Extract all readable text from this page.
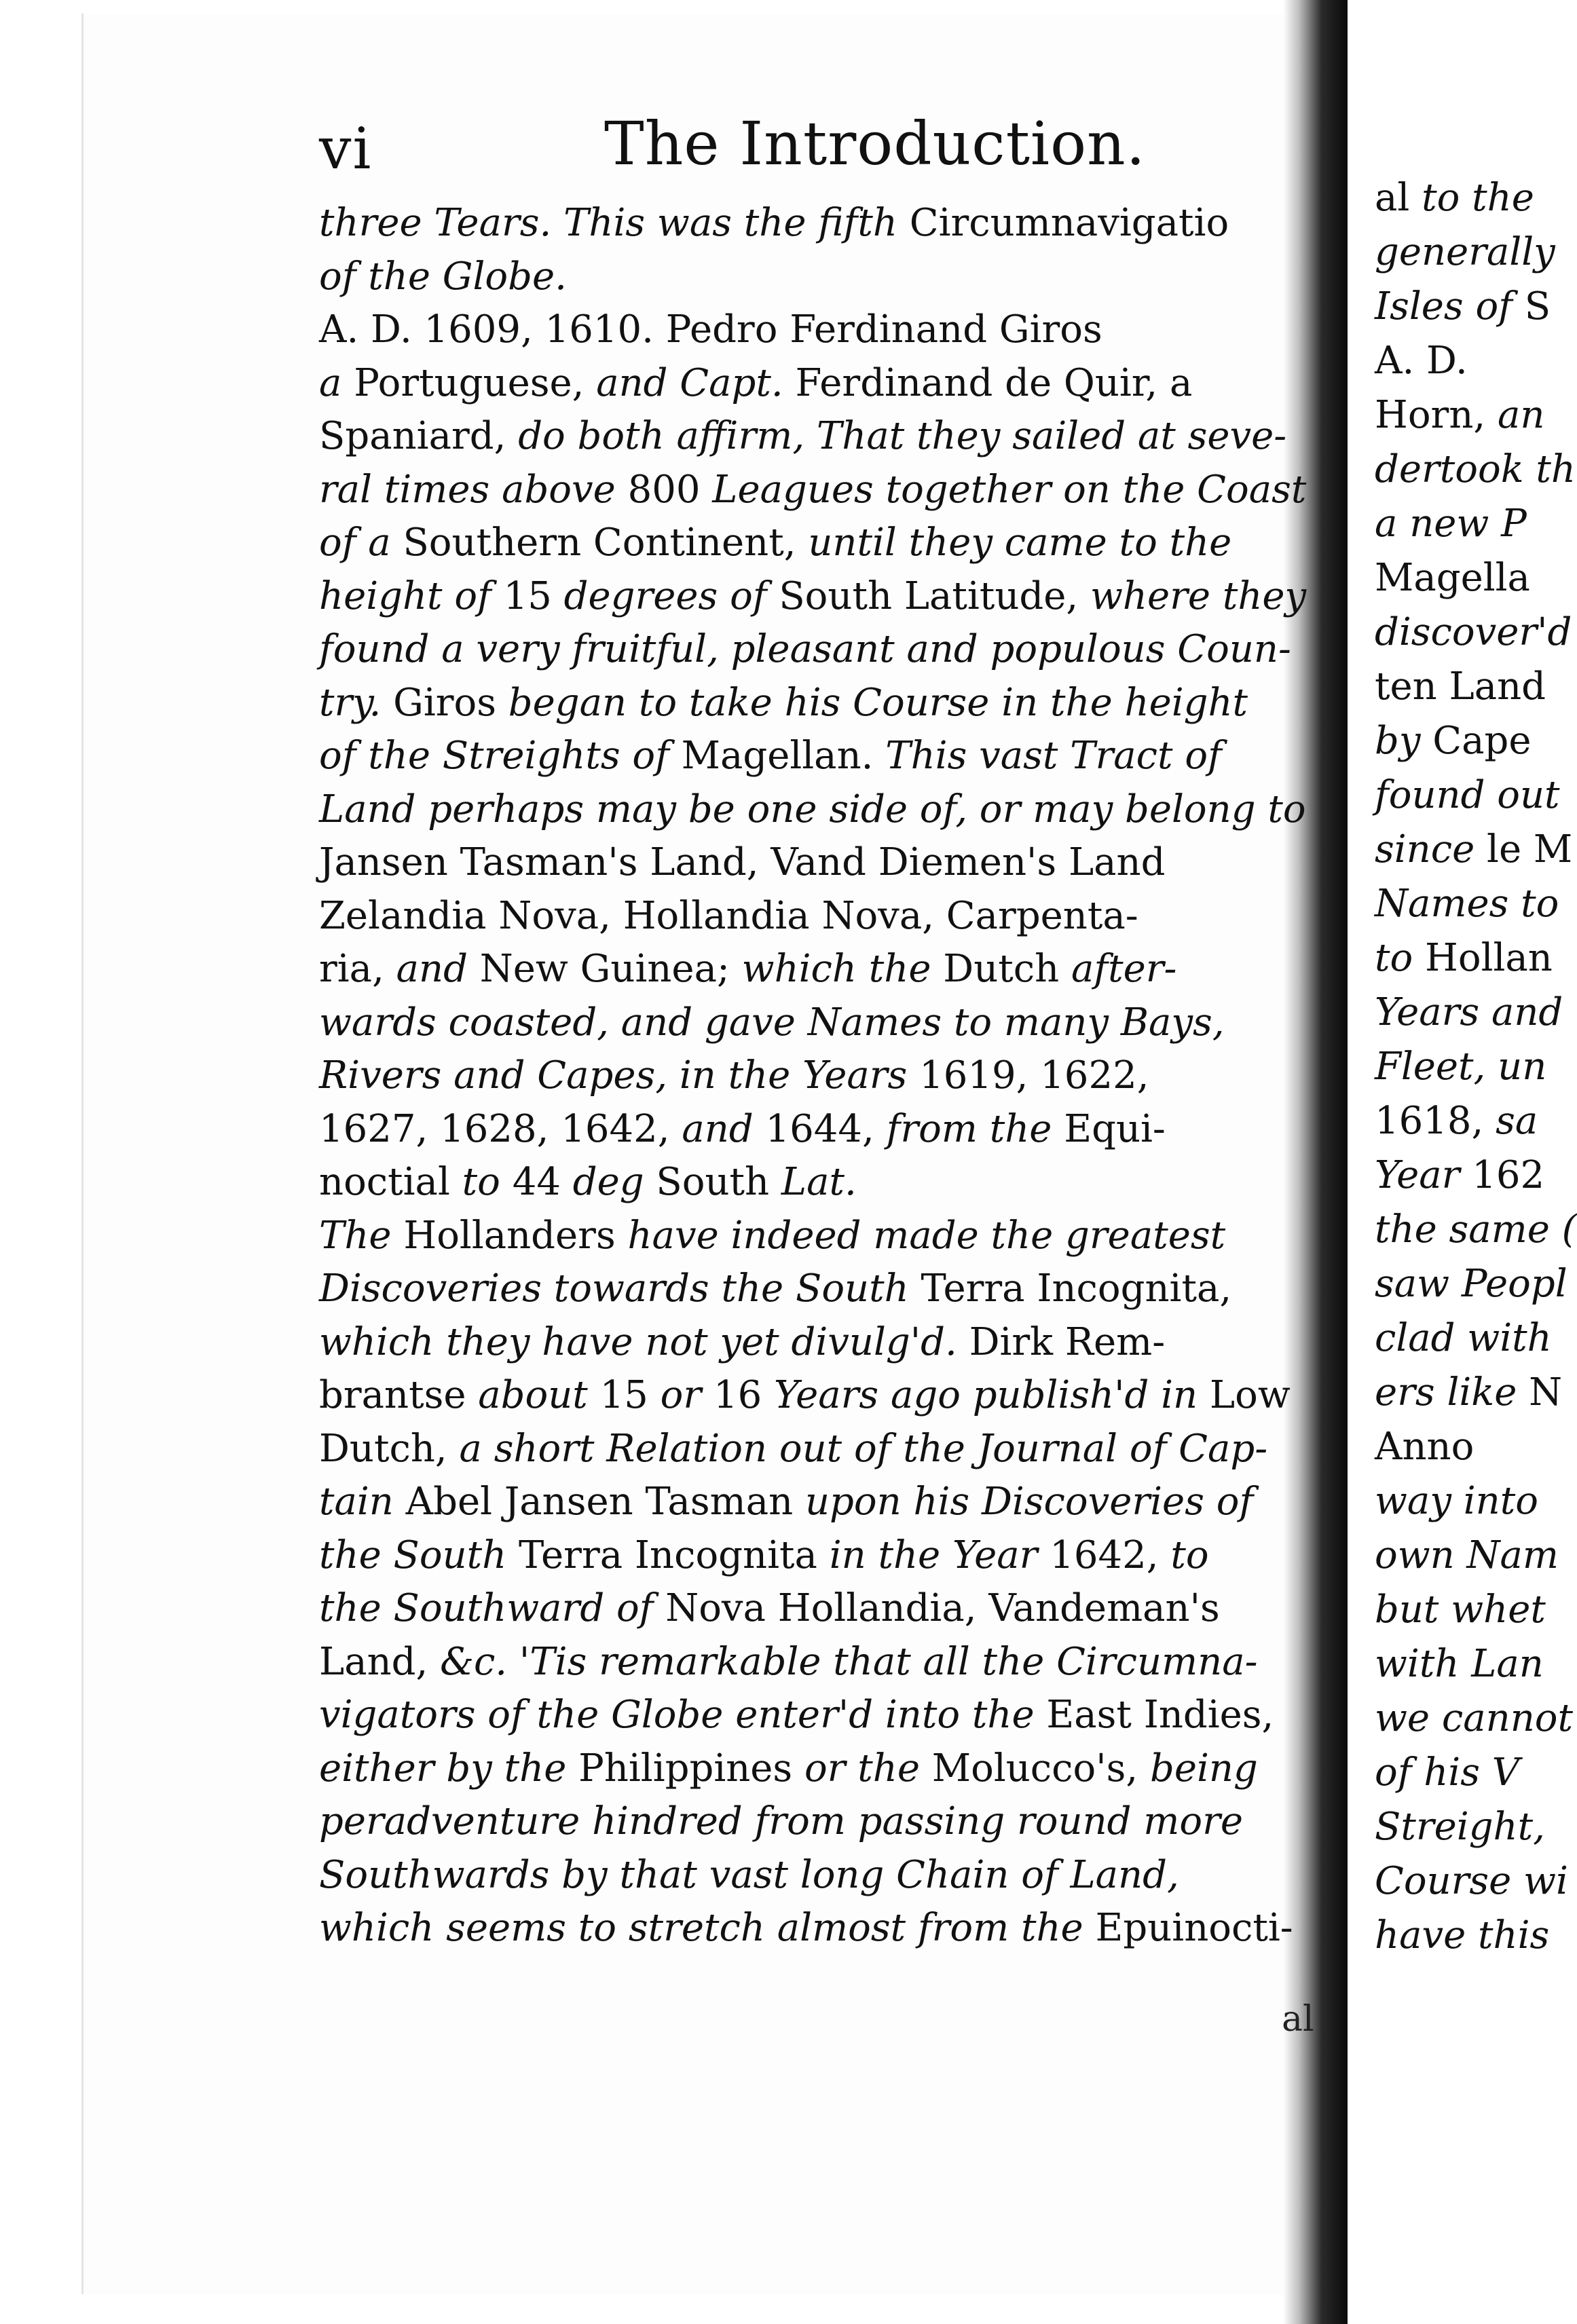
al to the
generally
Isles of S
A. D.
Horn, an
dertook th
a new P
Magella
discover'd
ten Land
by Cape
found out
since le M
Names to
to Hollan
Years and
Fleet, un
1618, sa
Year 162
the same (
saw Peopl
clad with
ers like N
Anno
way into
own Nam
but whet
with Lan
we cannot
of his V
Streight,
Course wi
have this
vi	The Introduction.
three Tears. This was the fifth Circumnavigatio
of the Globe.
A. D. 1609, 1610. Pedro Ferdinand Giros
a Portuguese, and Capt. Ferdinand de Quir, a
Spaniard, do both affirm, That they sailed at seve-
ral times above 800 Leagues together on the Coast
of a Southern Continent, until they came to the
height of 15 degrees of South Latitude, where they
found a very fruitful, pleasant and populous Coun-
try. Giros began to take his Course in the height
of the Streights of Magellan. This vast Tract of
Land perhaps may be one side of, or may belong to
Jansen Tasman's Land, Vand Diemen's Land
Zelandia Nova, Hollandia Nova, Carpenta-
ria, and New Guinea; which the Dutch after-
wards coasted, and gave Names to many Bays,
Rivers and Capes, in the Years 1619, 1622,
1627, 1628, 1642, and 1644, from the Equi-
noctial to 44 deg South Lat.
The Hollanders have indeed made the greatest
Discoveries towards the South Terra Incognita,
which they have not yet divulg'd. Dirk Rem-
brantse about 15 or 16 Years ago publish'd in Low
Dutch, a short Relation out of the Journal of Cap-
tain Abel Jansen Tasman upon his Discoveries of
the South Terra Incognita in the Year 1642, to
the Southward of Nova Hollandia, Vandeman's
Land, &c. 'Tis remarkable that all the Circumna-
vigators of the Globe enter'd into the East Indies,
either by the Philippines or the Molucco's, being
peradventure hindred from passing round more
Southwards by that vast long Chain of Land,
which seems to stretch almost from the Epuinocti-
al
